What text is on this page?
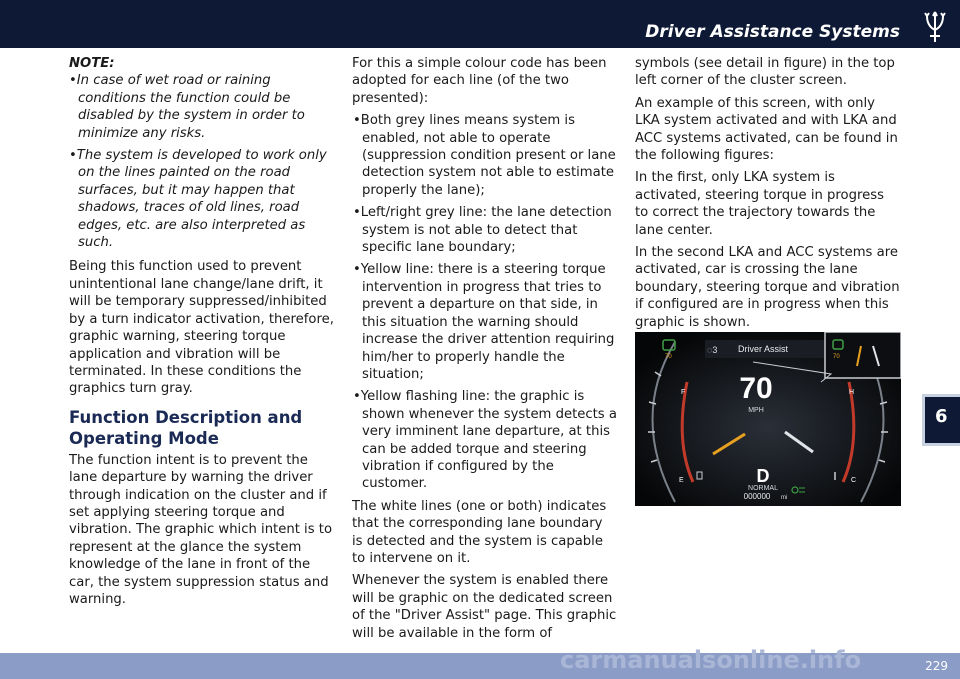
Driver Assistance Systems
6

NOTE:

•In case of wet road or raining conditions the function could be disabled by the system in order to minimize any risks.

•The system is developed to work only on the lines painted on the road surfaces, but it may happen that shadows, traces of old lines, road edges, etc. are also interpreted as such.

Being this function used to prevent unintentional lane change/lane drift, it will be temporary suppressed/inhibited by a turn indicator activation, therefore, graphic warning, steering torque application and vibration will be terminated. In these conditions the graphics turn gray.

Function Description and Operating Mode

The function intent is to prevent the lane departure by warning the driver through indication on the cluster and if set applying steering torque and vibration. The graphic which intent is to represent at the glance the system knowledge of the lane in front of the car, the system suppression status and warning.

For this a simple colour code has been adopted for each line (of the two presented):

•Both grey lines means system is enabled, not able to operate (suppression condition present or lane detection system not able to estimate properly the lane);

•Left/right grey line: the lane detection system is not able to detect that specific lane boundary;

•Yellow line: there is a steering torque intervention in progress that tries to prevent a departure on that side, in this situation the warning should increase the driver attention requiring him/her to properly handle the situation;

•Yellow flashing line: the graphic is shown whenever the system detects a very imminent lane departure, at this can be added torque and steering vibration if configured by the customer.

The white lines (one or both) indicates that the corresponding lane boundary is detected and the system is capable to intervene on it.

Whenever the system is enabled there will be graphic on the dedicated screen of the "Driver Assist" page. This graphic will be available in the form of

symbols (see detail in figure) in the top left corner of the cluster screen.

An example of this screen, with only LKA system activated and with LKA and ACC systems activated, can be found in the following figures:

In the first, only LKA system is activated, steering torque in progress to correct the trajectory towards the lane center.

In the second LKA and ACC systems are activated, car is crossing the lane boundary, steering torque and vibration if configured are in progress when this graphic is shown.

◌3 Driver Assist
70	70
70
MPH
F
E
H
C
D
NORMAL
000000 mi
229
carmanualsonline.info
